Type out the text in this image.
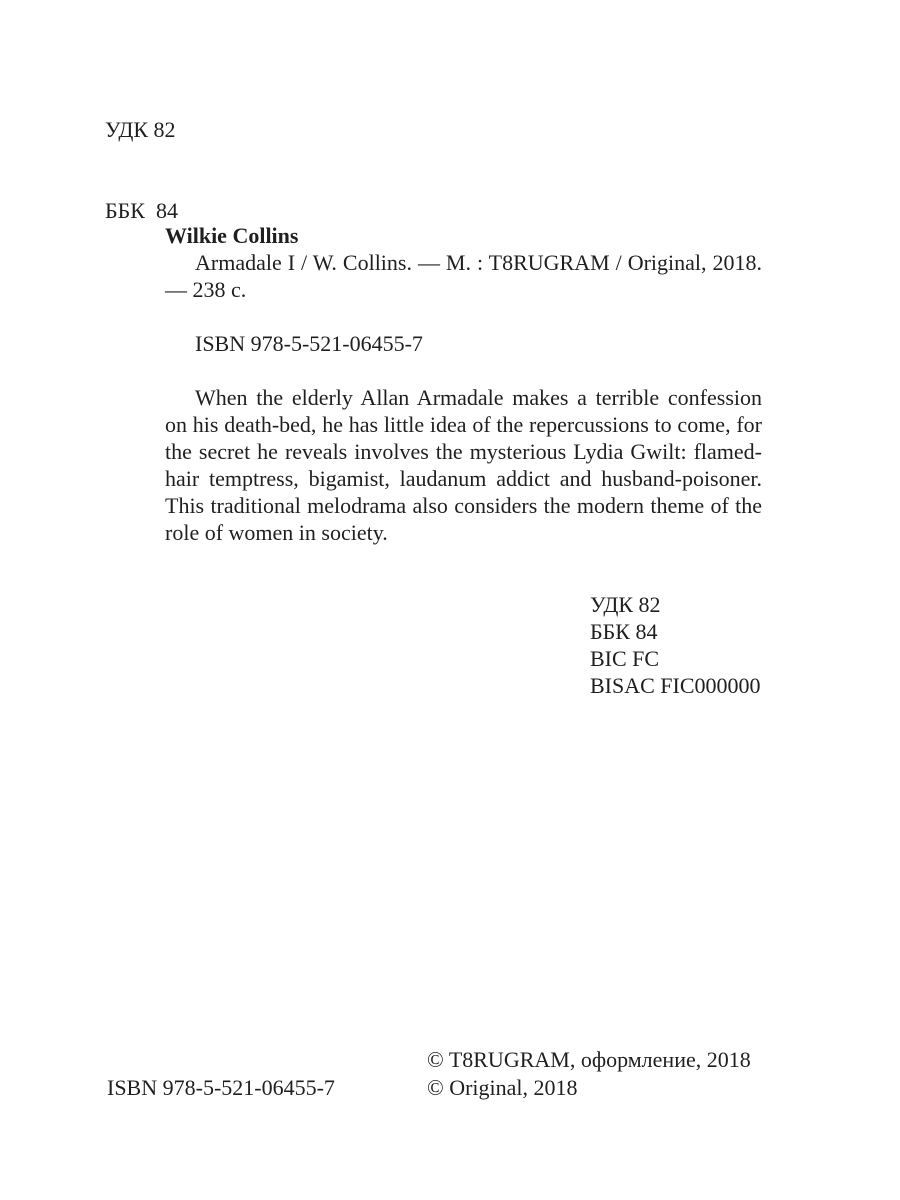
УДК 82

ББК  84

Wilkie Collins
Armadale I / W. Collins. — M. : T8RUGRAM / Original, 2018. — 238 с.
ISBN 978-5-521-06455-7
When the elderly Allan Armadale makes a terrible confession on his death-bed, he has little idea of the repercussions to come, for the secret he reveals involves the mysterious Lydia Gwilt: flamed-hair temptress, bigamist, laudanum addict and husband-poisoner. This traditional melodrama also considers the modern theme of the role of women in society.
УДК 82
ББК 84
BIC FC
BISAC FIC000000
ISBN 978-5-521-06455-7
© T8RUGRAM, оформление, 2018
© Original, 2018
